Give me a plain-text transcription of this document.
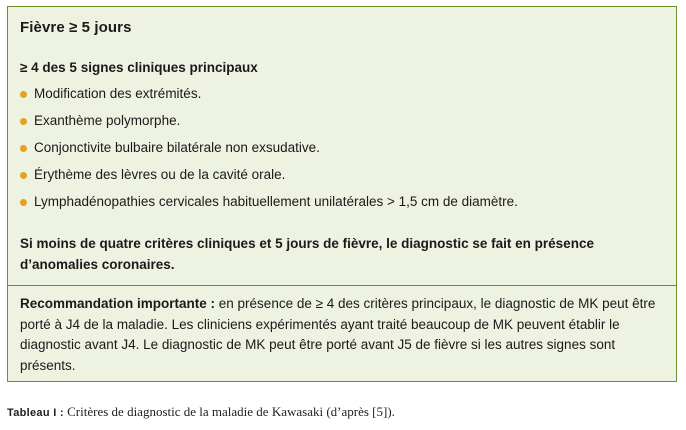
Fièvre ≥ 5 jours
≥ 4 des 5 signes cliniques principaux
Modification des extrémités.
Exanthème polymorphe.
Conjonctivite bulbaire bilatérale non exsudative.
Érythème des lèvres ou de la cavité orale.
Lymphadénopathies cervicales habituellement unilatérales > 1,5 cm de diamètre.
Si moins de quatre critères cliniques et 5 jours de fièvre, le diagnostic se fait en présence d’anomalies coronaires.
Recommandation importante : en présence de ≥ 4 des critères principaux, le diagnostic de MK peut être porté à J4 de la maladie. Les cliniciens expérimentés ayant traité beaucoup de MK peuvent établir le diagnostic avant J4. Le diagnostic de MK peut être porté avant J5 de fièvre si les autres signes sont présents.
Tableau I : Critères de diagnostic de la maladie de Kawasaki (d’après [5]).
